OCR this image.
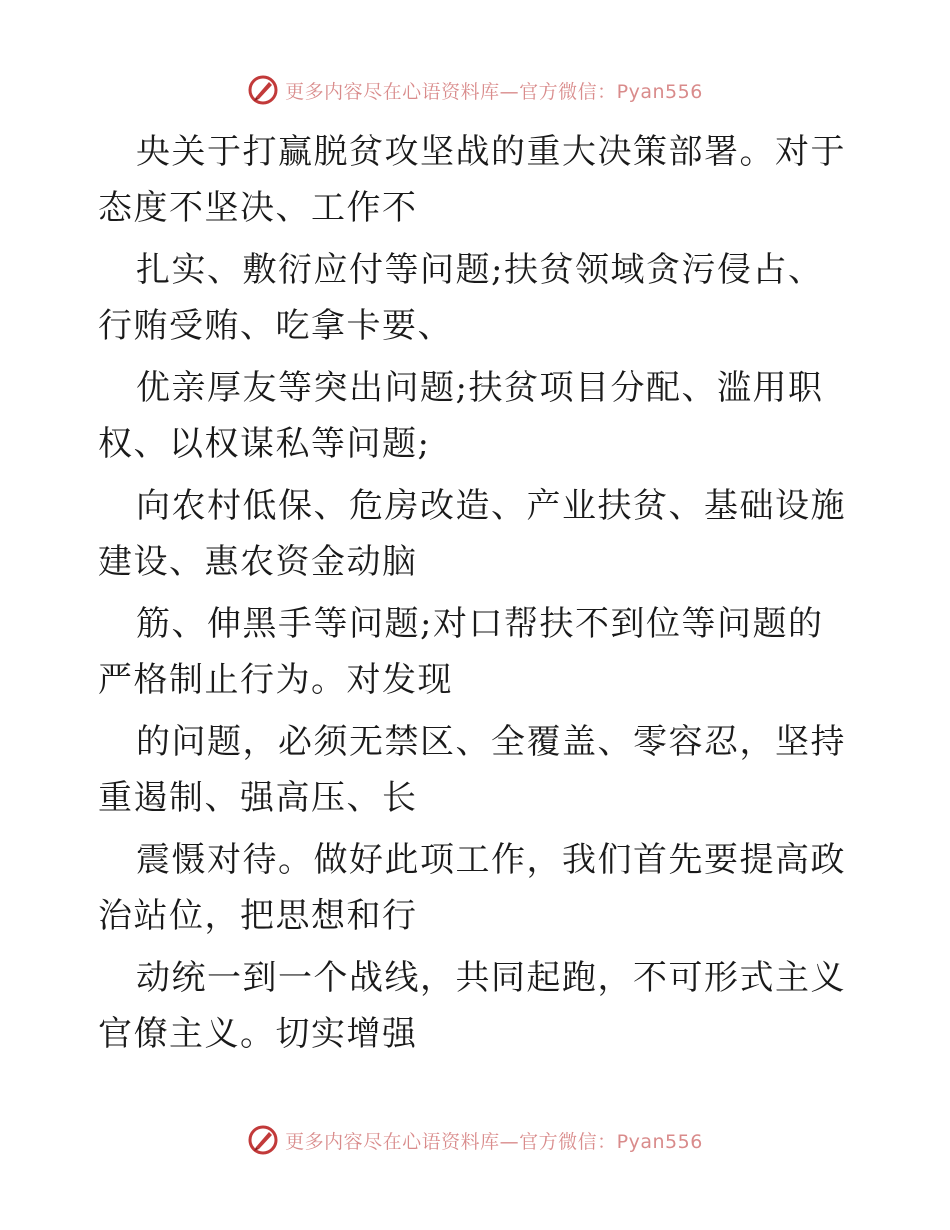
更多内容尽在心语资料库—官方微信：Pyan556

央关于打赢脱贫攻坚战的重大决策部署。对于态度不坚决、工作不

扎实、敷衍应付等问题;扶贫领域贪污侵占、行贿受贿、吃拿卡要、

优亲厚友等突出问题;扶贫项目分配、滥用职权、以权谋私等问题;

向农村低保、危房改造、产业扶贫、基础设施建设、惠农资金动脑

筋、伸黑手等问题;对口帮扶不到位等问题的严格制止行为。对发现

的问题，必须无禁区、全覆盖、零容忍，坚持重遏制、强高压、长

震慑对待。做好此项工作，我们首先要提高政治站位，把思想和行

动统一到一个战线，共同起跑，不可形式主义官僚主义。切实增强

更多内容尽在心语资料库—官方微信：Pyan556
